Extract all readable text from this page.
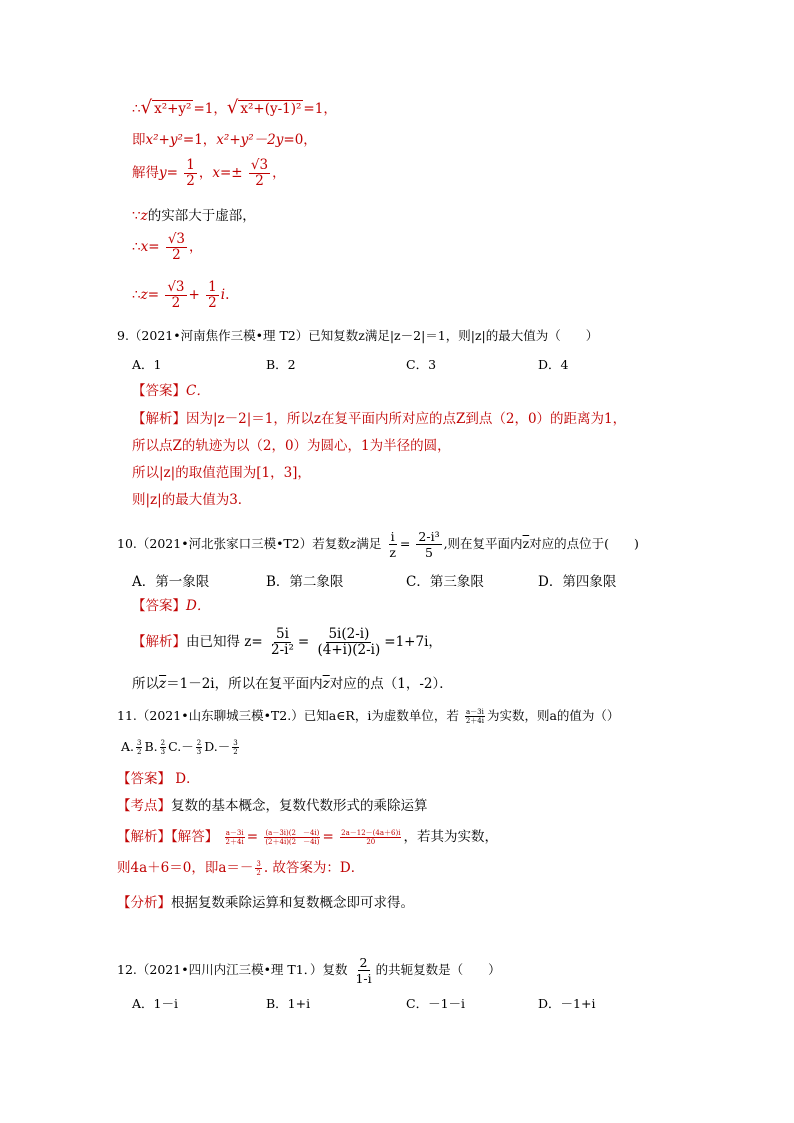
∴√ x²+y² =1，√ x²+(y-1)² =1，
即x²+y²=1，x²+y²－2y=0，
解得$y= \frac{1}{2}$ ，$x=\pm \frac{√3}{2}$ ，
∵z的实部大于虚部，
∴x= $\frac{√3}{2}$ ，
∴z= $\frac{√3}{2} + \frac{1}{2} i$.
9.（2021•河南焦作三模•理 T2）已知复数z满足|z－2|＝1，则|z|的最大值为（　　）
A．1	B．2	C．3	D．4
【答案】C．
【解析】因为|z－2|＝1，所以z在复平面内所对应的点Z到点（2，0）的距离为1，
所以点Z的轨迹为以（2，0）为圆心，1为半径的圆，
所以|z|的取值范围为[1，3]，
则|z|的最大值为3．
10.（2021•河北张家口三模•T2）若复数z满足 $\frac{i}{z} = \frac{\text{2-i³}}{5}$ ,则在复平面内$\overline{z}$对应的点位于(　　)
A．第一象限	B．第二象限	C．第三象限	D．第四象限
【答案】D．
【解析】由已知得 $z= \frac{5i}{\text{2-i²}} = \frac{5i(2-i)}{(4+i)(2-i)} =1+7i$，
所以$\overline{z}=1-2i$，所以在复平面内$\overline{z}$对应的点（1，-2）．
11.（2021•山东聊城三模•T2.）已知a∈R，i为虚数单位，若 $\frac{a-3i}{2+4i}$ 为实数，则a的值为（）
A. $\frac{3}{2} B$. $\frac{2}{3} C.- \frac{2}{3} D.- \frac{3}{2}$
【答案】 D．
【考点】复数的基本概念，复数代数形式的乘除运算
【解析】【解答】 $\frac{a-3i}{2+4i} = \frac{(a-3i)(2 -4i)}{(2+4i)(2 -4i)} = \frac{2a-12-(4a+6)i}{20}$ ，若其为实数，
则4a＋6＝0，即$a=- \frac{3}{2}$ . 故答案为：D．
【分析】根据复数乘除运算和复数概念即可求得。
12.（2021•四川内江三模•理 T1．）复数 $\frac{2}{1-i}$ 的共轭复数是（　　）
A．1－i	B．1+i	C．－1－i	D．－1+i
